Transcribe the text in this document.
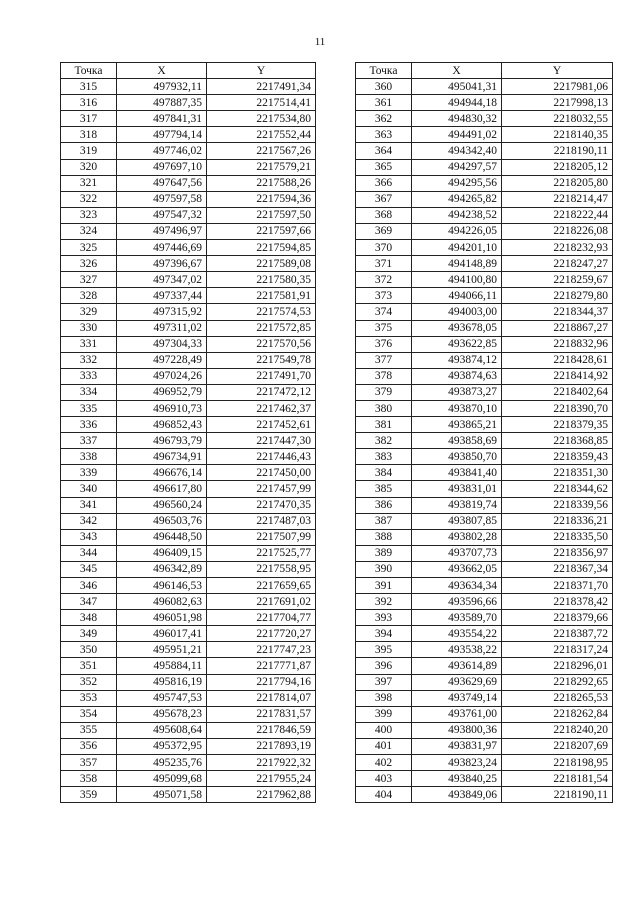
11
Точка	X	Y
315	497932,11	2217491,34
316	497887,35	2217514,41
317	497841,31	2217534,80
318	497794,14	2217552,44
319	497746,02	2217567,26
320	497697,10	2217579,21
321	497647,56	2217588,26
322	497597,58	2217594,36
323	497547,32	2217597,50
324	497496,97	2217597,66
325	497446,69	2217594,85
326	497396,67	2217589,08
327	497347,02	2217580,35
328	497337,44	2217581,91
329	497315,92	2217574,53
330	497311,02	2217572,85
331	497304,33	2217570,56
332	497228,49	2217549,78
333	497024,26	2217491,70
334	496952,79	2217472,12
335	496910,73	2217462,37
336	496852,43	2217452,61
337	496793,79	2217447,30
338	496734,91	2217446,43
339	496676,14	2217450,00
340	496617,80	2217457,99
341	496560,24	2217470,35
342	496503,76	2217487,03
343	496448,50	2217507,99
344	496409,15	2217525,77
345	496342,89	2217558,95
346	496146,53	2217659,65
347	496082,63	2217691,02
348	496051,98	2217704,77
349	496017,41	2217720,27
350	495951,21	2217747,23
351	495884,11	2217771,87
352	495816,19	2217794,16
353	495747,53	2217814,07
354	495678,23	2217831,57
355	495608,64	2217846,59
356	495372,95	2217893,19
357	495235,76	2217922,32
358	495099,68	2217955,24
359	495071,58	2217962,88
Точка	X	Y
360	495041,31	2217981,06
361	494944,18	2217998,13
362	494830,32	2218032,55
363	494491,02	2218140,35
364	494342,40	2218190,11
365	494297,57	2218205,12
366	494295,56	2218205,80
367	494265,82	2218214,47
368	494238,52	2218222,44
369	494226,05	2218226,08
370	494201,10	2218232,93
371	494148,89	2218247,27
372	494100,80	2218259,67
373	494066,11	2218279,80
374	494003,00	2218344,37
375	493678,05	2218867,27
376	493622,85	2218832,96
377	493874,12	2218428,61
378	493874,63	2218414,92
379	493873,27	2218402,64
380	493870,10	2218390,70
381	493865,21	2218379,35
382	493858,69	2218368,85
383	493850,70	2218359,43
384	493841,40	2218351,30
385	493831,01	2218344,62
386	493819,74	2218339,56
387	493807,85	2218336,21
388	493802,28	2218335,50
389	493707,73	2218356,97
390	493662,05	2218367,34
391	493634,34	2218371,70
392	493596,66	2218378,42
393	493589,70	2218379,66
394	493554,22	2218387,72
395	493538,22	2218317,24
396	493614,89	2218296,01
397	493629,69	2218292,65
398	493749,14	2218265,53
399	493761,00	2218262,84
400	493800,36	2218240,20
401	493831,97	2218207,69
402	493823,24	2218198,95
403	493840,25	2218181,54
404	493849,06	2218190,11
